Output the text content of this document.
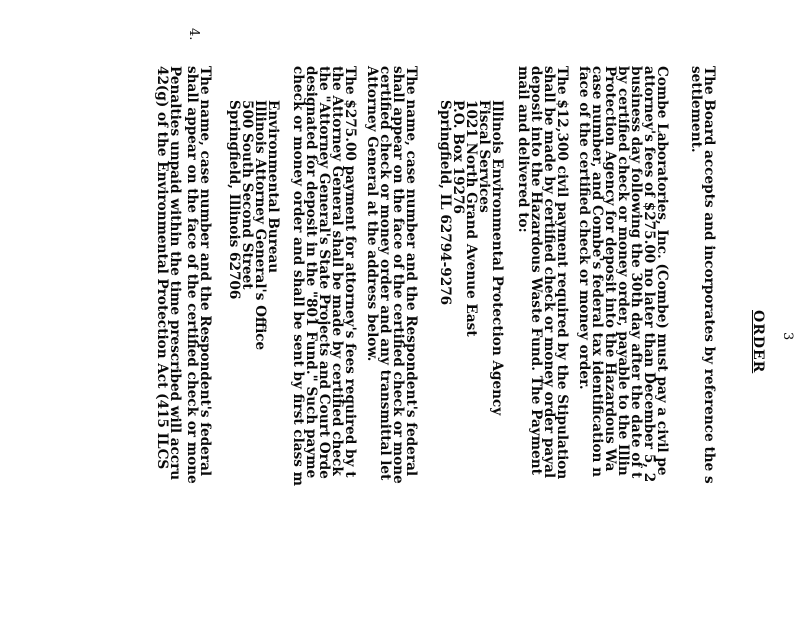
3
ORDER
The Board accepts and incorporates by reference the s
settlement.
Combe Laboratories, Inc. (Combe) must pay a civil pe
attorney's fees of $275.00 no later than December 5, 2
business day following the 30th day after the date of t
by certified check or money order, payable to the Illin
Protection Agency for deposit into the Hazardous Wa
case number, and Combe's federal tax identification n
face of the certified check or money order.
The $12,300 civil payment required by the Stipulation
shall be made by certified check or money order payal
deposit into the Hazardous Waste Fund. The Payment
mail and delivered to:
Illinois Environmental Protection Agency
Fiscal Services
1021 North Grand Avenue East
P.O. Box 19276
Springfield, IL 62794-9276
The name, case number and the Respondent's federal
shall appear on the face of the certified check or mone
certified check or money order and any transmittal let
Attorney General at the address below.
The $275.00 payment for attorney's fees required by t
the Attorney General shall be made by certified check
the "Attorney General's State Projects and Court Orde
designated for deposit in the "801 Fund." Such payme
check or money order and shall be sent by first class m
Environmental Bureau
Illinois Attorney General's Office
500 South Second Street
Springfield, Illinois 62706
The name, case number and the Respondent's federal
shall appear on the face of the certified check or mone
Penalties unpaid within the time prescribed will accru
42(g) of the Environmental Protection Act (415 ILCS
4.
